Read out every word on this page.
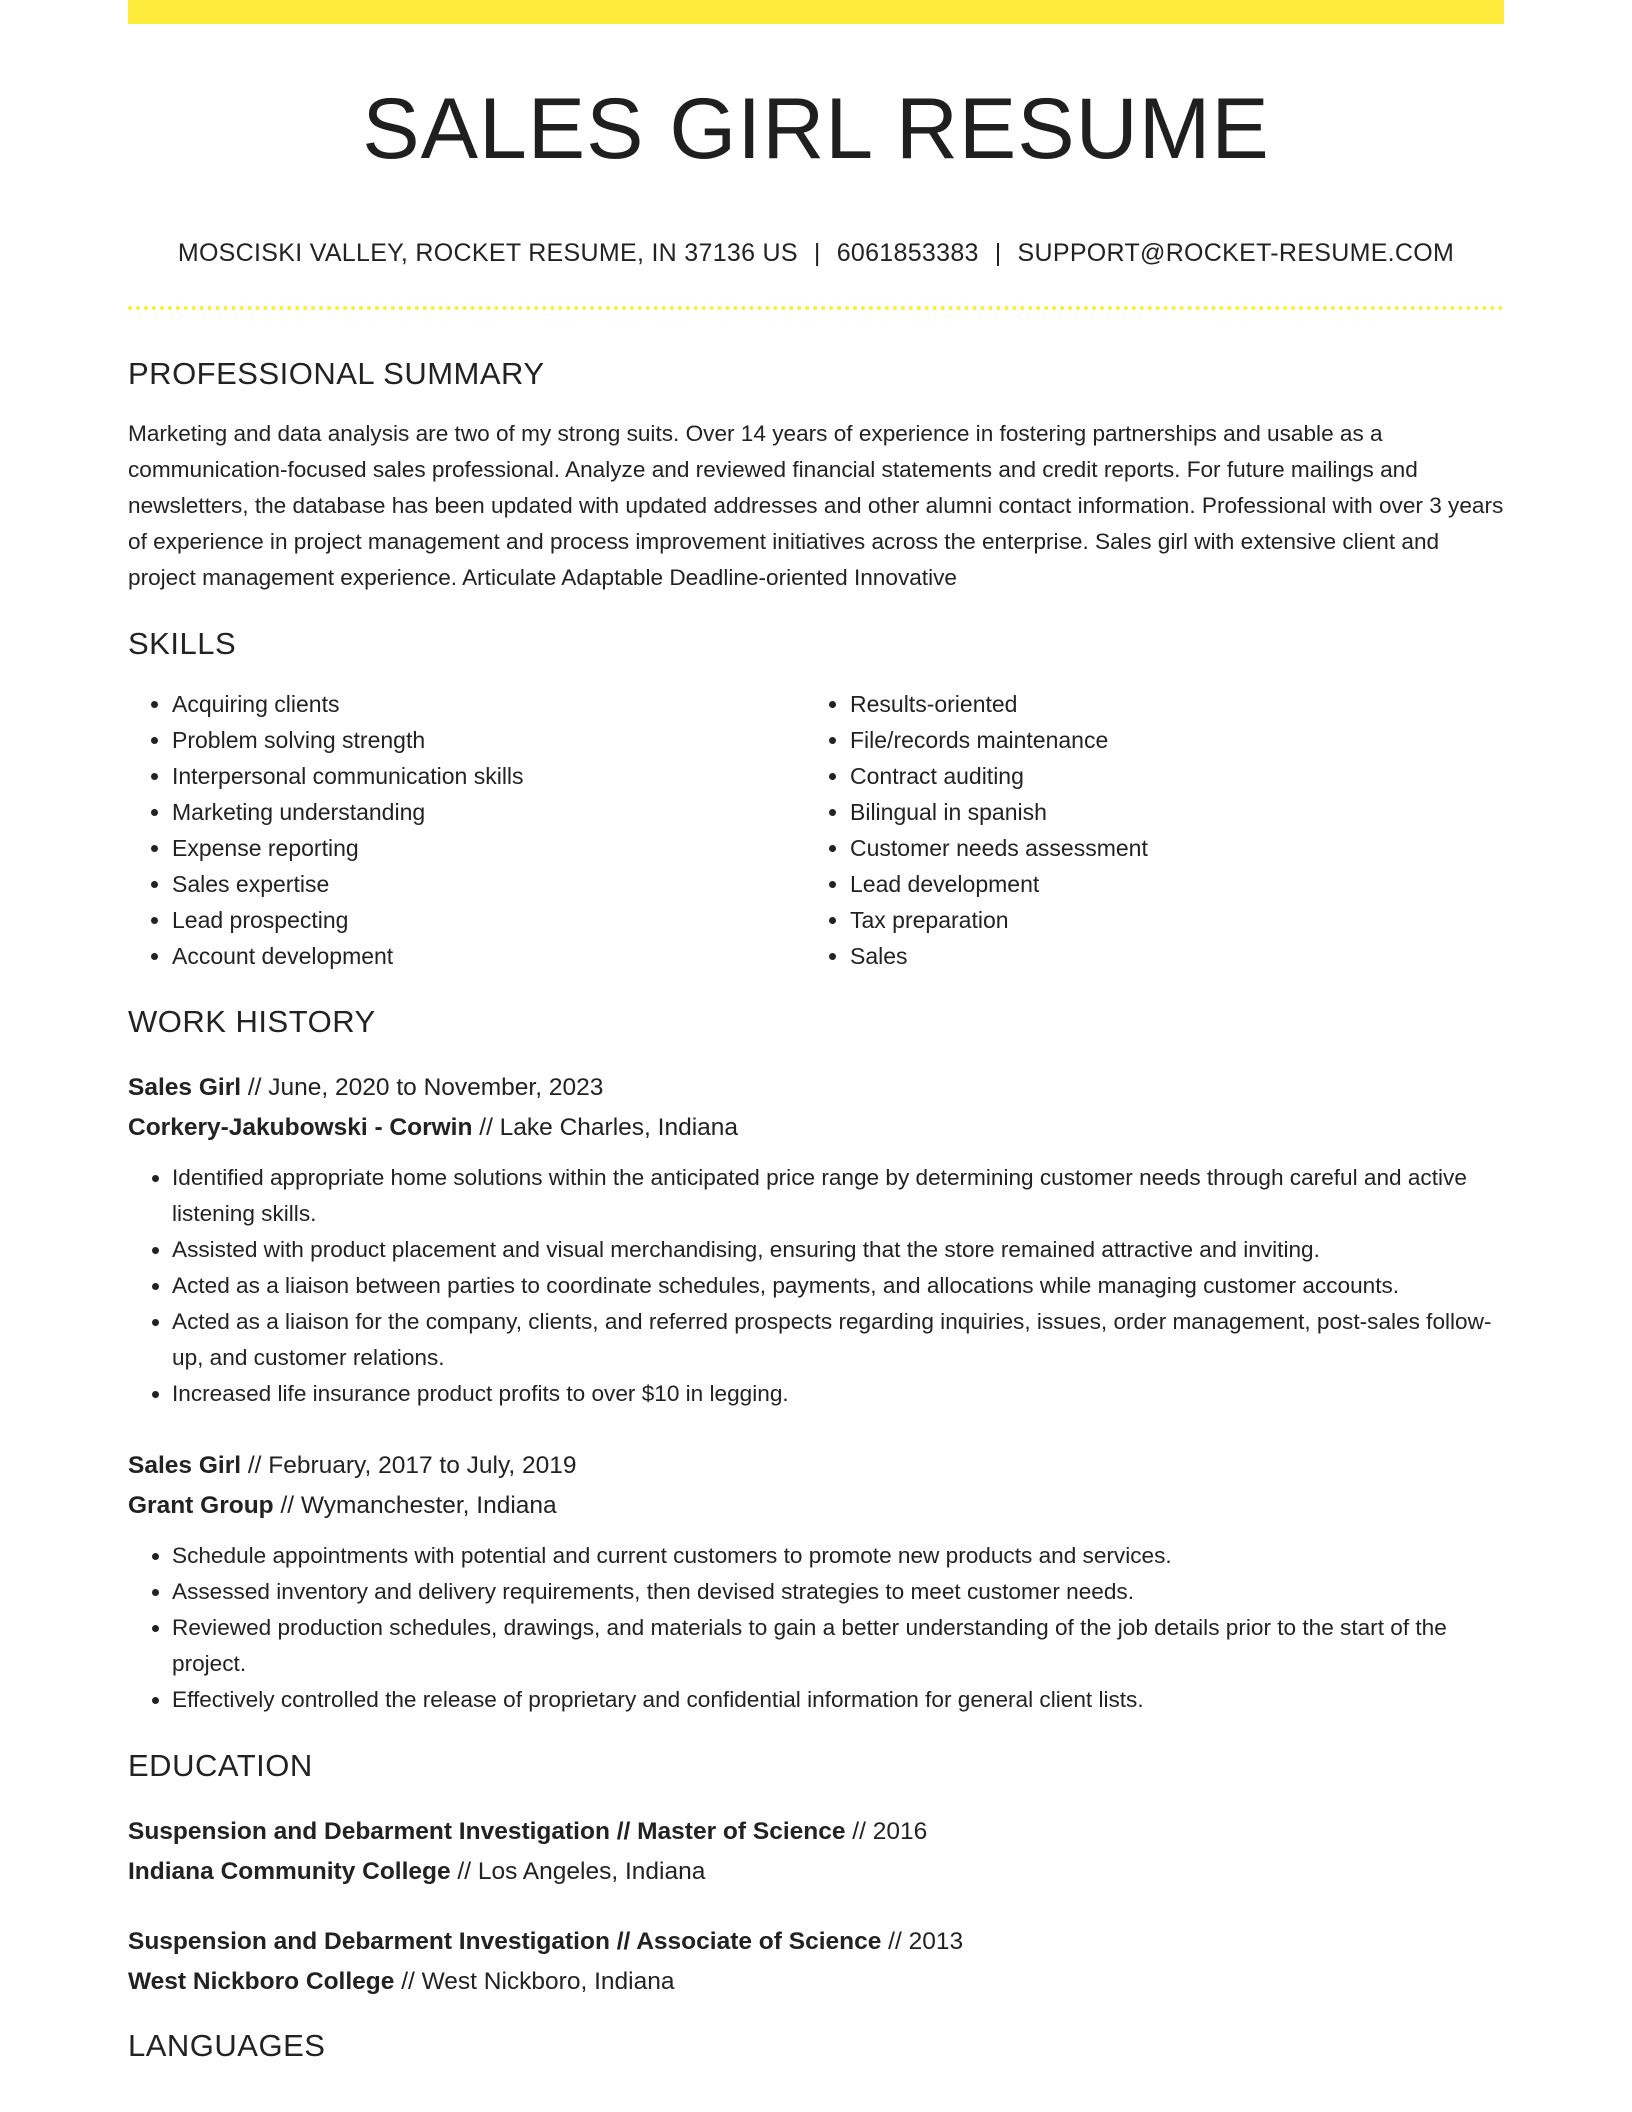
SALES GIRL RESUME
MOSCISKI VALLEY, ROCKET RESUME, IN 37136 US | 6061853383 | SUPPORT@ROCKET-RESUME.COM
PROFESSIONAL SUMMARY

Marketing and data analysis are two of my strong suits. Over 14 years of experience in fostering partnerships and usable as a communication-focused sales professional. Analyze and reviewed financial statements and credit reports. For future mailings and newsletters, the database has been updated with updated addresses and other alumni contact information. Professional with over 3 years of experience in project management and process improvement initiatives across the enterprise. Sales girl with extensive client and project management experience. Articulate Adaptable Deadline-oriented Innovative

SKILLS
• Acquiring clients
• Problem solving strength
• Interpersonal communication skills
• Marketing understanding
• Expense reporting
• Sales expertise
• Lead prospecting
• Account development
• Results-oriented
• File/records maintenance
• Contract auditing
• Bilingual in spanish
• Customer needs assessment
• Lead development
• Tax preparation
• Sales
WORK HISTORY
Sales Girl // June, 2020 to November, 2023
Corkery-Jakubowski - Corwin // Lake Charles, Indiana
• Identified appropriate home solutions within the anticipated price range by determining customer needs through careful and active listening skills.
• Assisted with product placement and visual merchandising, ensuring that the store remained attractive and inviting.
• Acted as a liaison between parties to coordinate schedules, payments, and allocations while managing customer accounts.
• Acted as a liaison for the company, clients, and referred prospects regarding inquiries, issues, order management, post-sales follow-up, and customer relations.
• Increased life insurance product profits to over $10 in legging.
Sales Girl // February, 2017 to July, 2019
Grant Group // Wymanchester, Indiana
• Schedule appointments with potential and current customers to promote new products and services.
• Assessed inventory and delivery requirements, then devised strategies to meet customer needs.
• Reviewed production schedules, drawings, and materials to gain a better understanding of the job details prior to the start of the project.
• Effectively controlled the release of proprietary and confidential information for general client lists.
EDUCATION
Suspension and Debarment Investigation // Master of Science // 2016
Indiana Community College // Los Angeles, Indiana
Suspension and Debarment Investigation // Associate of Science // 2013
West Nickboro College // West Nickboro, Indiana
LANGUAGES
